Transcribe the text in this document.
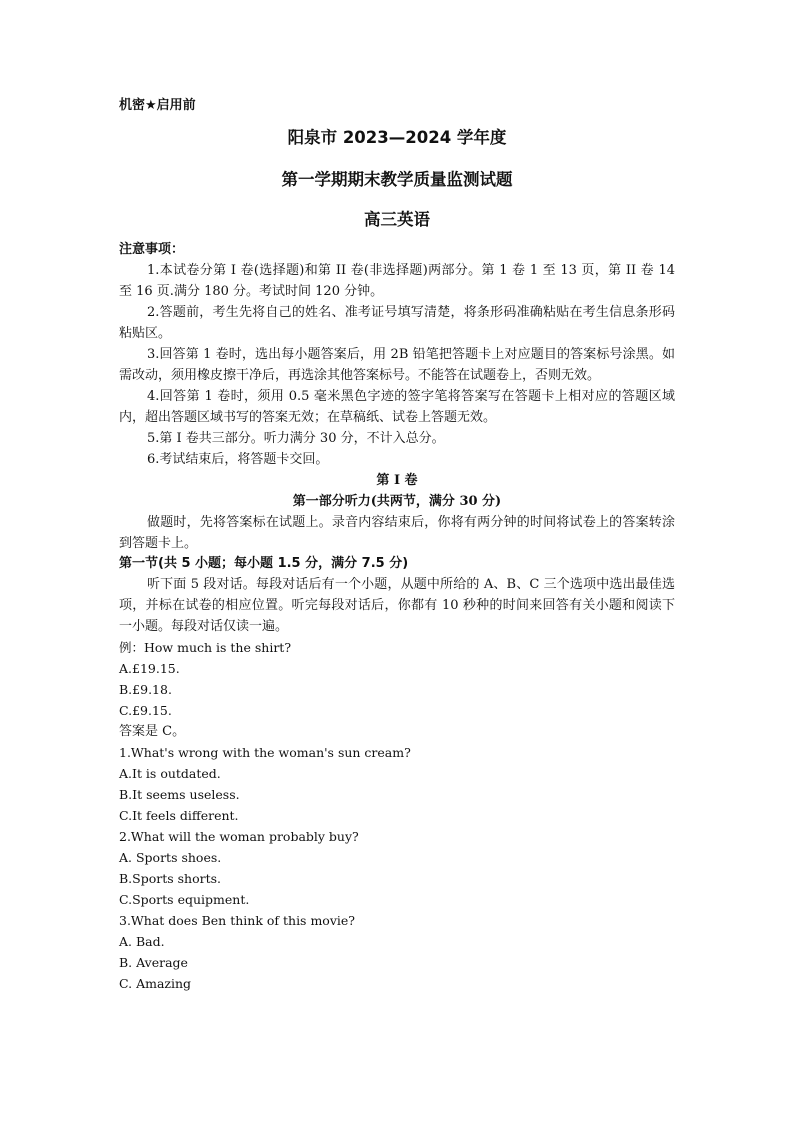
机密★启用前
阳泉市 2023—2024 学年度
第一学期期末教学质量监测试题
高三英语
注意事项：

1.本试卷分第 I 卷(选择题)和第 II 卷(非选择题)两部分。第 1 卷 1 至 13 页，第 II 卷 14 至 16 页.满分 180 分。考试时间 120 分钟。

2.答题前，考生先将自己的姓名、准考证号填写清楚，将条形码准确粘贴在考生信息条形码粘贴区。

3.回答第 1 卷时，选出每小题答案后，用 2B 铅笔把答题卡上对应题目的答案标号涂黑。如需改动，须用橡皮擦干净后，再选涂其他答案标号。不能答在试题卷上，否则无效。

4.回答第 1 卷时，须用 0.5 毫米黑色字迹的签字笔将答案写在答题卡上相对应的答题区域内，超出答题区域书写的答案无效；在草稿纸、试卷上答题无效。

5.第 I 卷共三部分。听力满分 30 分，不计入总分。

6.考试结束后，将答题卡交回。

第 I 卷
第一部分听力(共两节，满分 30 分)

做题时，先将答案标在试题上。录音内容结束后，你将有两分钟的时间将试卷上的答案转涂到答题卡上。

第一节(共 5 小题；每小题 1.5 分，满分 7.5 分)

听下面 5 段对话。每段对话后有一个小题，从题中所给的 A、B、C 三个选项中选出最佳选项，并标在试卷的相应位置。听完每段对话后，你都有 10 秒种的时间来回答有关小题和阅读下一小题。每段对话仅读一遍。

例：How much is the shirt?
A.£19.15.
B.£9.18.
C.£9.15.
答案是 C。
1.What's wrong with the woman's sun cream?
A.It is outdated.
B.It seems useless.
C.It feels different.
2.What will the woman probably buy?
A. Sports shoes.
B.Sports shorts.
C.Sports equipment.
3.What does Ben think of this movie?
A. Bad.
B. Average
C. Amazing
